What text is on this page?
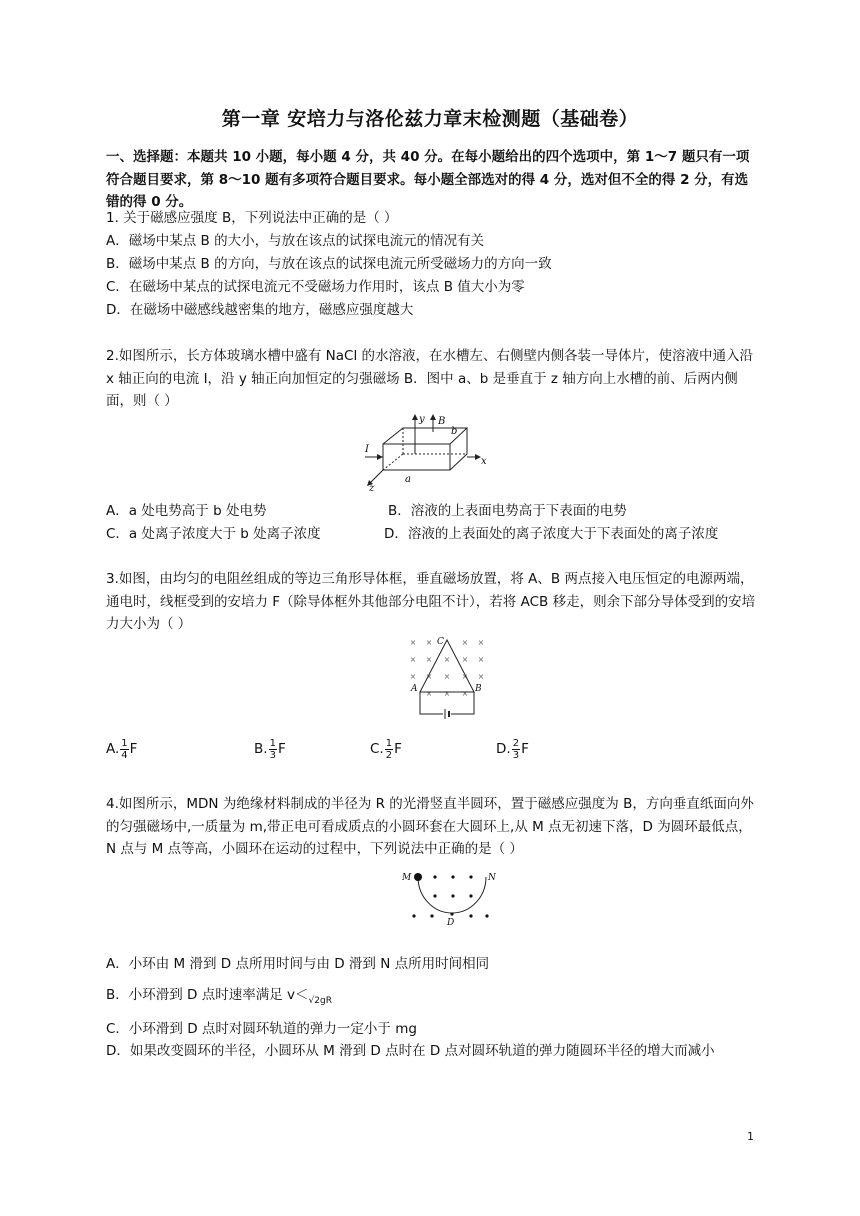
第一章 安培力与洛伦兹力章末检测题（基础卷）
一、选择题：本题共 10 小题，每小题 4 分，共 40 分。在每小题给出的四个选项中，第 1～7 题只有一项符合题目要求，第 8～10 题有多项符合题目要求。每小题全部选对的得 4 分，选对但不全的得 2 分，有选错的得 0 分。
1. 关于磁感应强度 B，下列说法中正确的是（ ）
A．磁场中某点 B 的大小，与放在该点的试探电流元的情况有关
B．磁场中某点 B 的方向，与放在该点的试探电流元所受磁场力的方向一致
C．在磁场中某点的试探电流元不受磁场力作用时，该点 B 值大小为零
D．在磁场中磁感线越密集的地方，磁感应强度越大
2.如图所示，长方体玻璃水槽中盛有 NaCl 的水溶液，在水槽左、右侧壁内侧各装一导体片，使溶液中通入沿 x 轴正向的电流 I，沿 y 轴正向加恒定的匀强磁场 B．图中 a、b 是垂直于 z 轴方向上水槽的前、后两内侧面，则（ ）
I
y B
b
x
a
z
A．a 处电势高于 b 处电势	B．溶液的上表面电势高于下表面的电势
C．a 处离子浓度大于 b 处离子浓度	D．溶液的上表面处的离子浓度大于下表面处的离子浓度
3.如图，由均匀的电阻丝组成的等边三角形导体框，垂直磁场放置，将 A、B 两点接入电压恒定的电源两端，通电时，线框受到的安培力 F（除导体框外其他部分电阻不计），若将 ACB 移走，则余下部分导体受到的安培力大小为（ ）
× ×	× ×
× × × × ×
× × × × ×
× × ×
A	B
C
A. $\frac{1}{4}$ F	B. $\frac{1}{3}$ F	C. $\frac{1}{2}$ F	D. $\frac{2}{3}$ F
4.如图所示，MDN 为绝缘材料制成的半径为 R 的光滑竖直半圆环，置于磁感应强度为 B，方向垂直纸面向外的匀强磁场中,一质量为 m,带正电可看成质点的小圆环套在大圆环上,从 M 点无初速下落，D 为圆环最低点，N 点与 M 点等高，小圆环在运动的过程中，下列说法中正确的是（ ）
M	N
D
A．小环由 M 滑到 D 点所用时间与由 D 滑到 N 点所用时间相同
B．小环滑到 D 点时速率满足 $v<_{√2gR}$
C．小环滑到 D 点时对圆环轨道的弹力一定小于 mg
D．如果改变圆环的半径，小圆环从 M 滑到 D 点时在 D 点对圆环轨道的弹力随圆环半径的增大而减小
1
